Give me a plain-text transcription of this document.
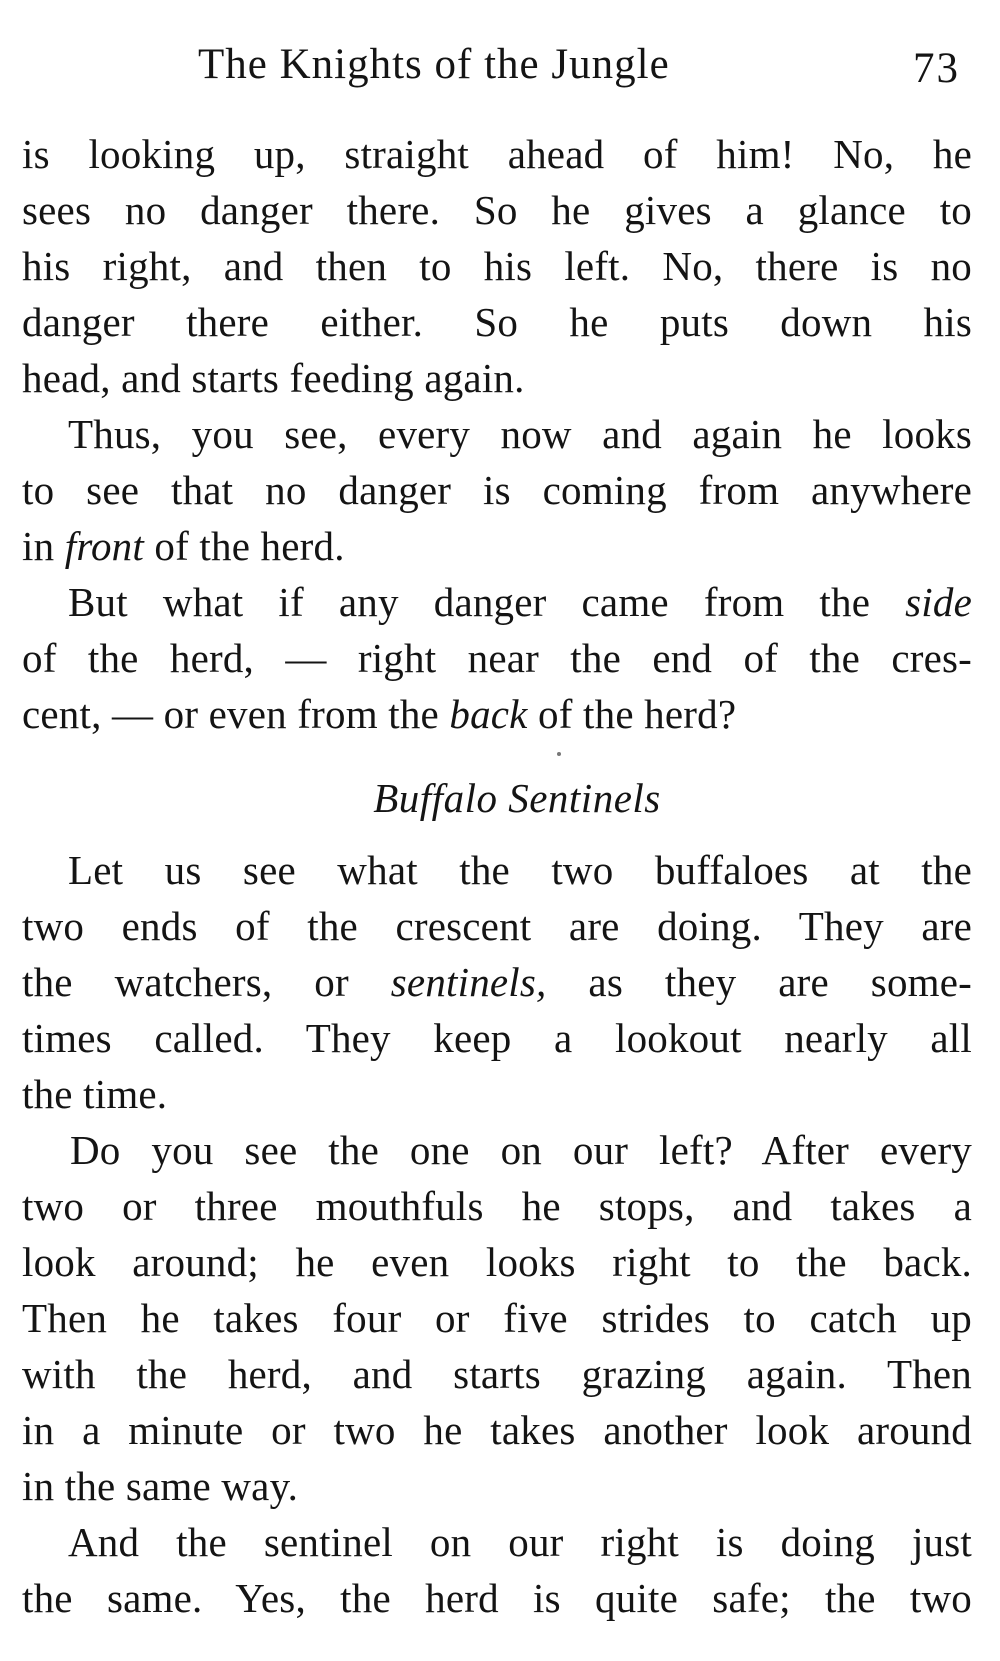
The Knights of the Jungle	73
is looking up, straight ahead of him! No, he
sees no danger there. So he gives a glance to
his right, and then to his left. No, there is no
danger there either. So he puts down his
head, and starts feeding again.
Thus, you see, every now and again he looks
to see that no danger is coming from anywhere
in front of the herd.
But what if any danger came from the side
of the herd, — right near the end of the cres-
cent, — or even from the back of the herd?
Buffalo Sentinels
Let us see what the two buffaloes at the
two ends of the crescent are doing. They are
the watchers, or sentinels, as they are some-
times called. They keep a lookout nearly all
the time.
Do you see the one on our left? After every
two or three mouthfuls he stops, and takes a
look around; he even looks right to the back.
Then he takes four or five strides to catch up
with the herd, and starts grazing again. Then
in a minute or two he takes another look around
in the same way.
And the sentinel on our right is doing just
the same. Yes, the herd is quite safe; the two
